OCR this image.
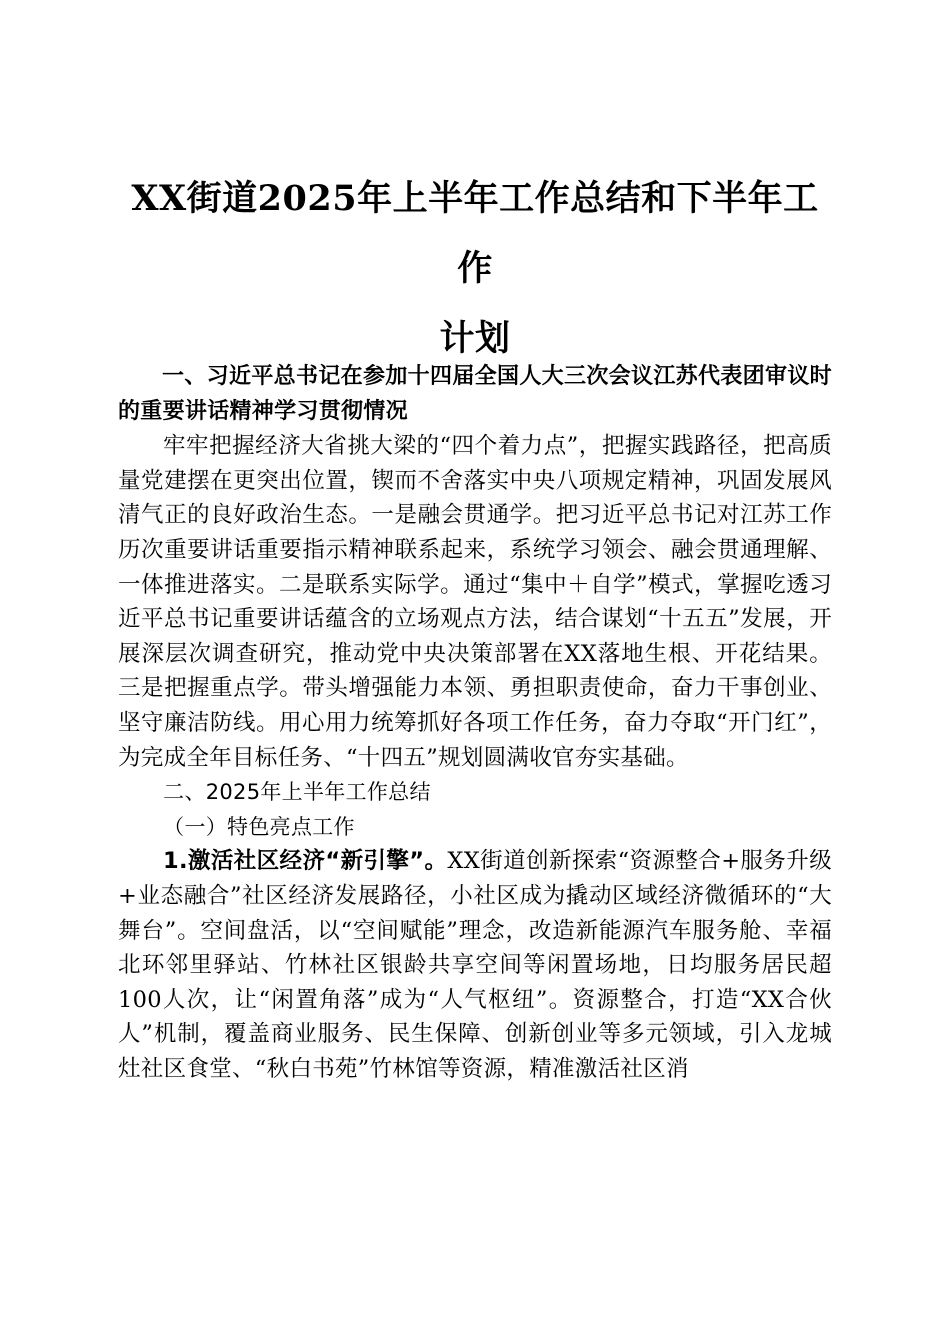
XX街道2025年上半年工作总结和下半年工作
计划

一、习近平总书记在参加十四届全国人大三次会议江苏代表团审议时的重要讲话精神学习贯彻情况

牢牢把握经济大省挑大梁的“四个着力点”，把握实践路径，把高质量党建摆在更突出位置，锲而不舍落实中央八项规定精神，巩固发展风清气正的良好政治生态。一是融会贯通学。把习近平总书记对江苏工作历次重要讲话重要指示精神联系起来，系统学习领会、融会贯通理解、一体推进落实。二是联系实际学。通过“集中＋自学”模式，掌握吃透习近平总书记重要讲话蕴含的立场观点方法，结合谋划“十五五”发展，开展深层次调查研究，推动党中央决策部署在XX落地生根、开花结果。三是把握重点学。带头增强能力本领、勇担职责使命，奋力干事创业、坚守廉洁防线。用心用力统筹抓好各项工作任务，奋力夺取“开门红”，为完成全年目标任务、“十四五”规划圆满收官夯实基础。

二、2025年上半年工作总结

（一）特色亮点工作

1.激活社区经济“新引擎”。XX街道创新探索“资源整合+服务升级+业态融合”社区经济发展路径，小社区成为撬动区域经济微循环的“大舞台”。空间盘活，以“空间赋能”理念，改造新能源汽车服务舱、幸福北环邻里驿站、竹林社区银龄共享空间等闲置场地，日均服务居民超100人次，让“闲置角落”成为“人气枢纽”。资源整合，打造“XX合伙人”机制，覆盖商业服务、民生保障、创新创业等多元领域，引入龙城灶社区食堂、“秋白书苑”竹林馆等资源，精准激活社区消
